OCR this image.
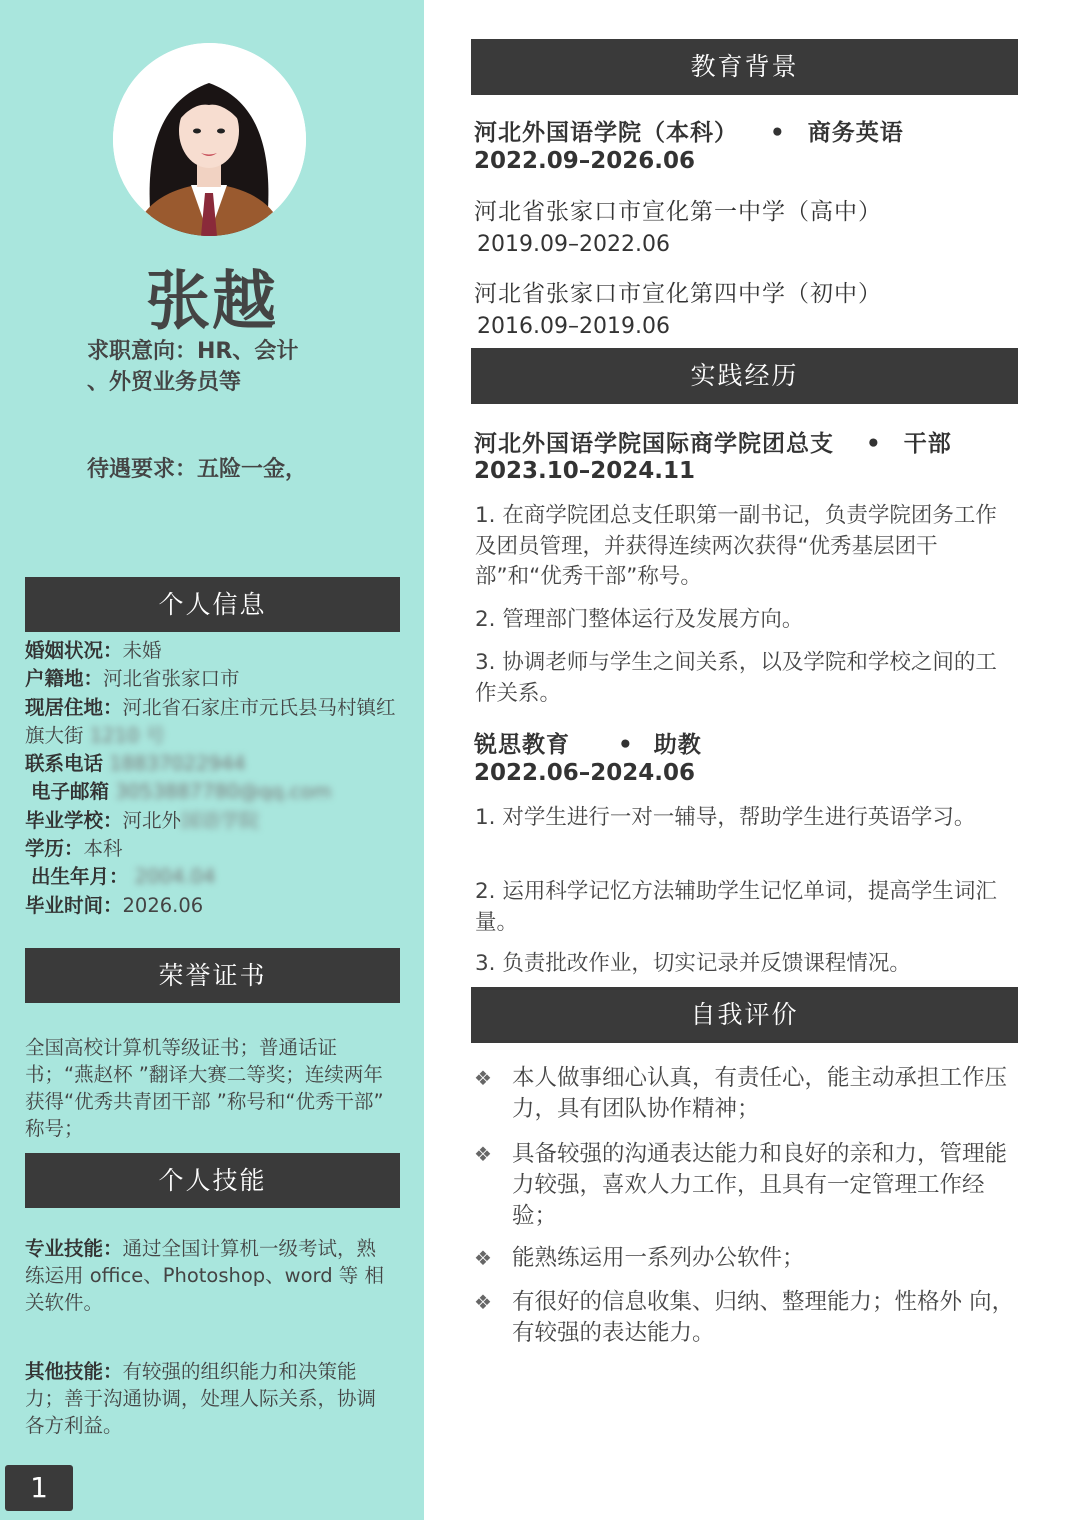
张越
求职意向：HR、会计
、外贸业务员等
待遇要求：五险一金，
个人信息
婚姻状况：未婚
户籍地：河北省张家口市
现居住地：河北省石家庄市元氏县马村镇红旗大街 1210 号
联系电话 18837022944
电子邮箱 3053887780@qq.com
毕业学校：河北外国语学院
学历：本科
出生年月： 2004.04
毕业时间：2026.06
荣誉证书
全国高校计算机等级证书；普通话证书；“燕赵杯 ”翻译大赛二等奖；连续两年获得“优秀共青团干部 ”称号和“优秀干部” 称号；
个人技能
专业技能：通过全国计算机一级考试，熟练运用 office、Photoshop、word 等 相关软件。
其他技能：有较强的组织能力和决策能力；善于沟通协调，处理人际关系，协调各方利益。
1
教育背景
河北外国语学院（本科） • 商务英语
2022.09–2026.06
河北省张家口市宣化第一中学（高中）
2019.09–2022.06
河北省张家口市宣化第四中学（初中）
2016.09–2019.06
实践经历
河北外国语学院国际商学院团总支 • 干部
2023.10–2024.11
1. 在商学院团总支任职第一副书记，负责学院团务工作及团员管理，并获得连续两次获得“优秀基层团干部”和“优秀干部”称号。
2. 管理部门整体运行及发展方向。
3. 协调老师与学生之间关系，以及学院和学校之间的工作关系。
锐思教育 • 助教
2022.06–2024.06
1. 对学生进行一对一辅导，帮助学生进行英语学习。
2. 运用科学记忆方法辅助学生记忆单词，提高学生词汇量。
3. 负责批改作业，切实记录并反馈课程情况。
自我评价
❖ 本人做事细心认真，有责任心，能主动承担工作压力，具有团队协作精神；
❖ 具备较强的沟通表达能力和良好的亲和力，管理能力较强，喜欢人力工作，且具有一定管理工作经验；
❖ 能熟练运用一系列办公软件；
❖ 有很好的信息收集、归纳、整理能力；性格外 向，有较强的表达能力。
